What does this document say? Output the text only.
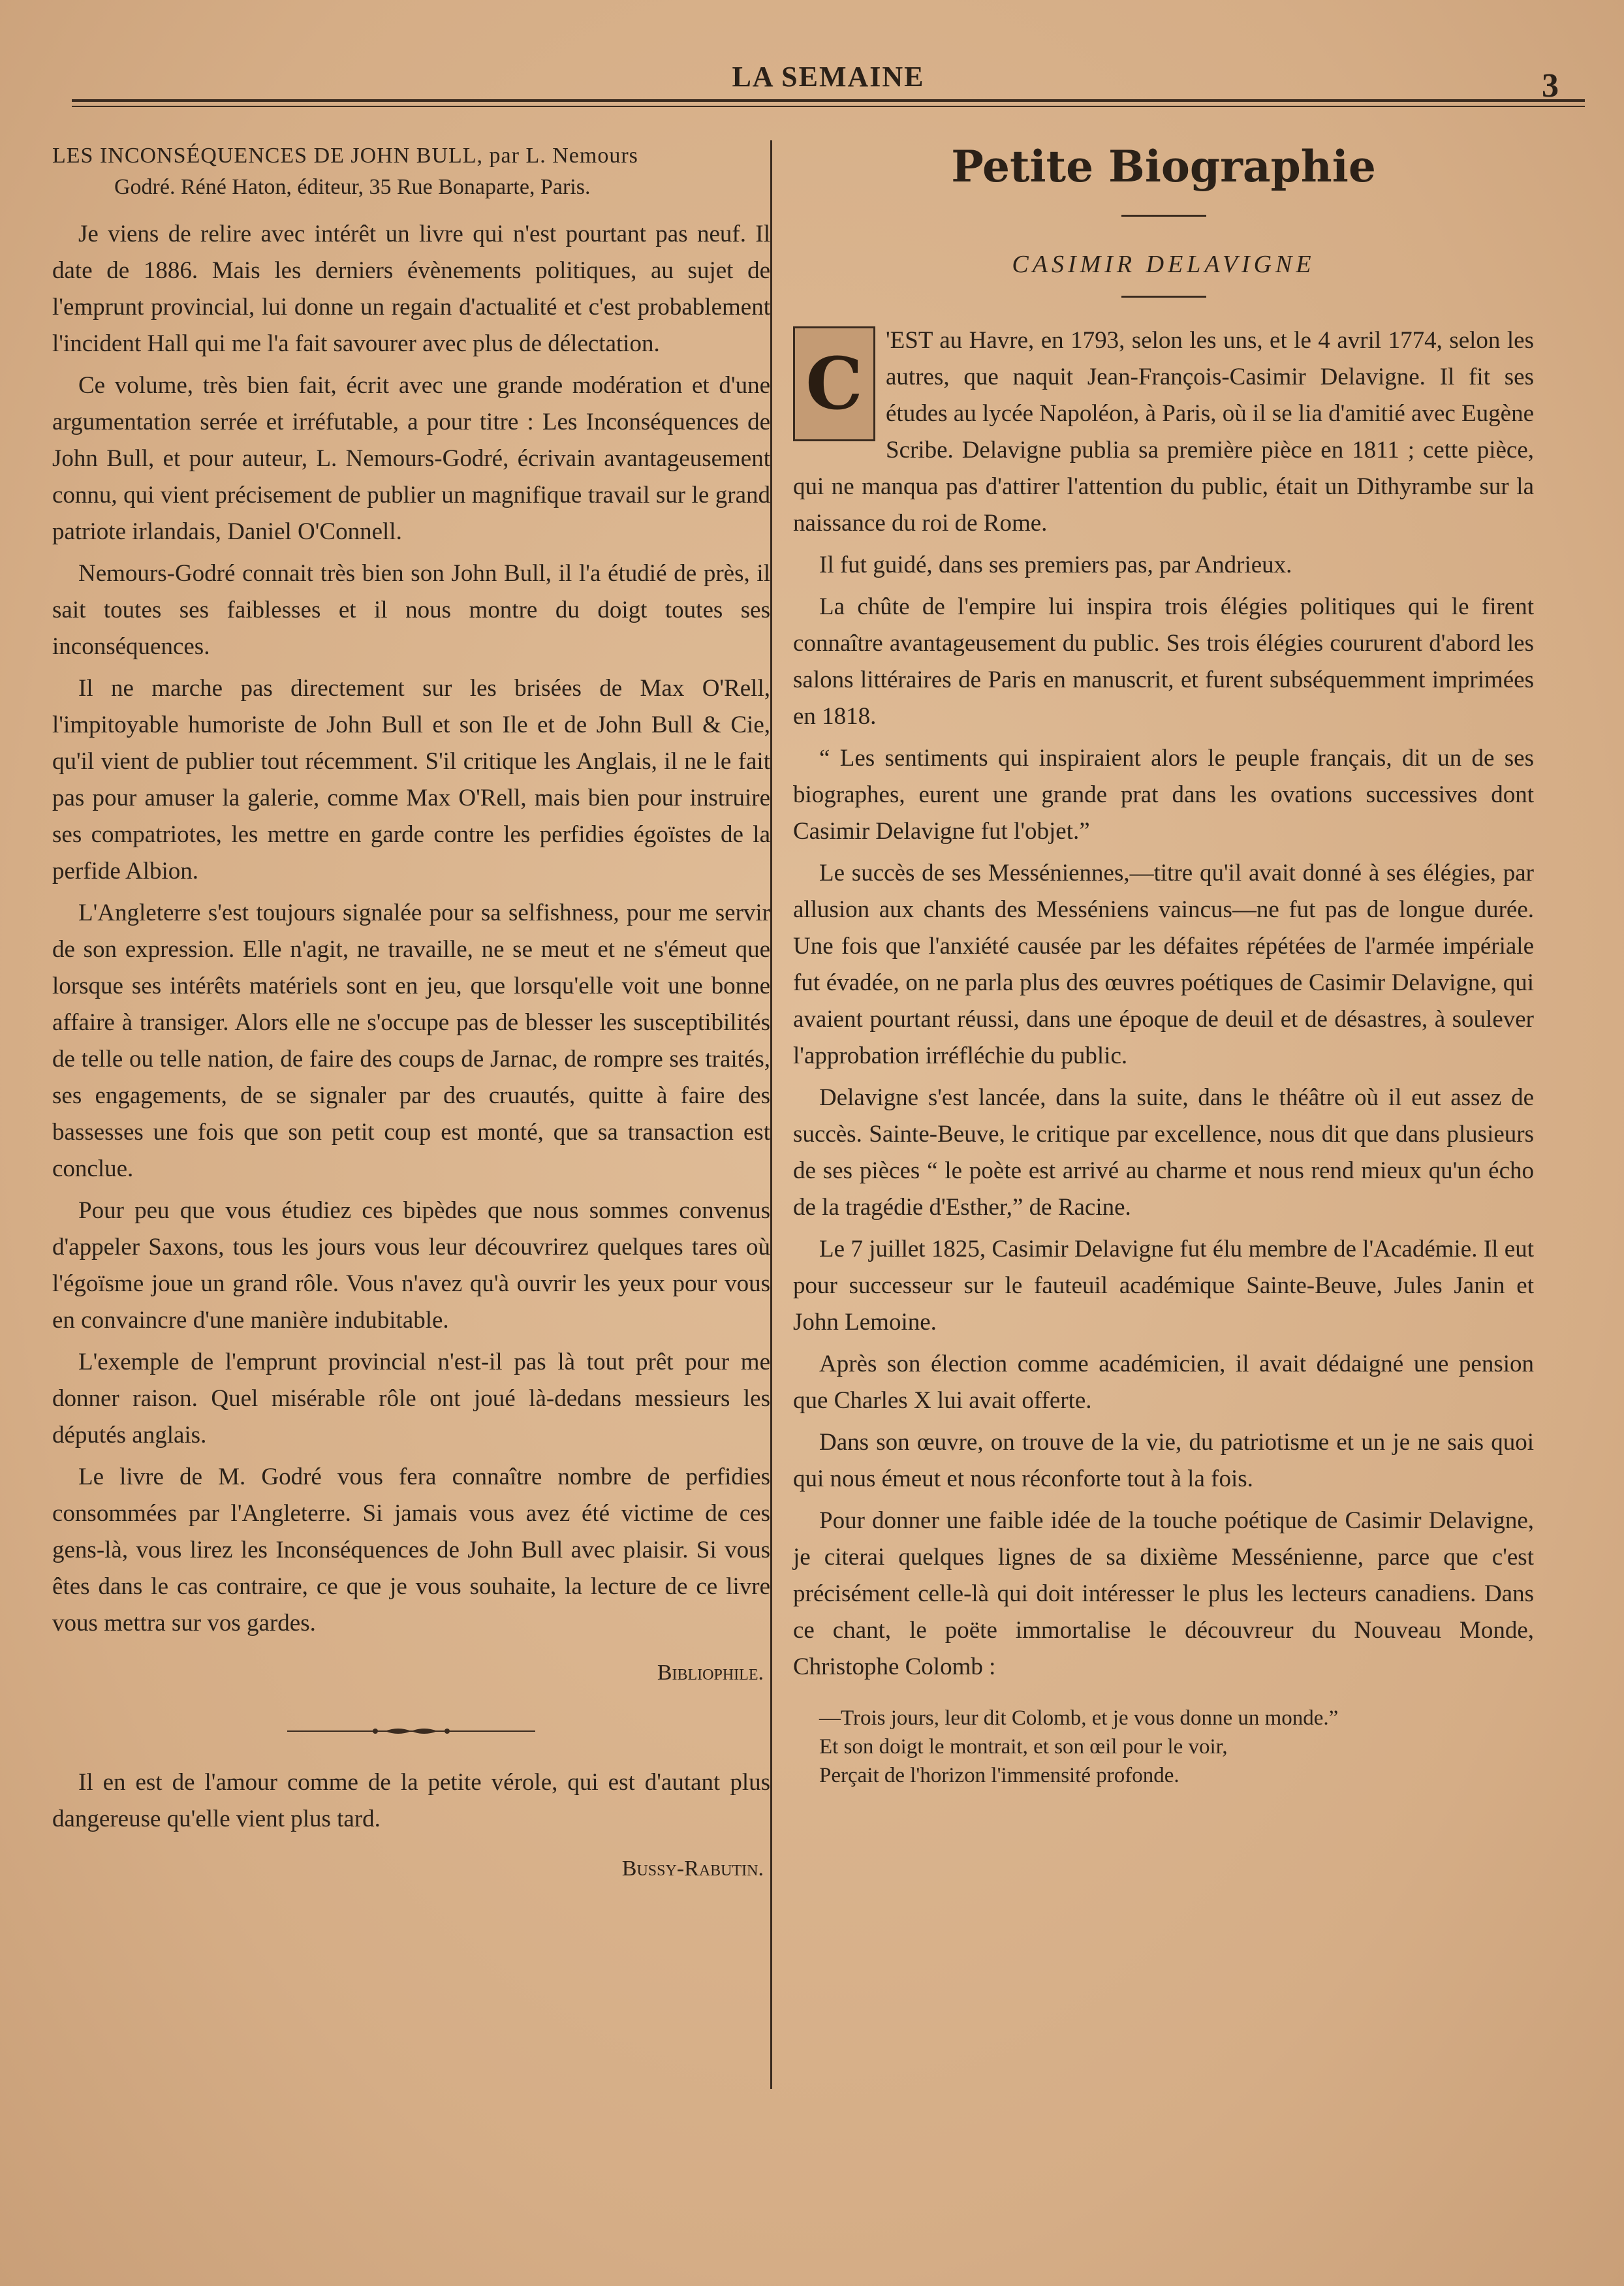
LA SEMAINE	3

LES INCONSÉQUENCES DE JOHN BULL, par L. Nemours
Godré. Réné Haton, éditeur, 35 Rue Bonaparte, Paris.

Je viens de relire avec intérêt un livre qui n'est pourtant pas neuf. Il date de 1886. Mais les derniers évènements politiques, au sujet de l'emprunt provincial, lui donne un regain d'actualité et c'est probablement l'incident Hall qui me l'a fait savourer avec plus de délectation.

Ce volume, très bien fait, écrit avec une grande modération et d'une argumentation serrée et irréfutable, a pour titre : Les Inconséquences de John Bull, et pour auteur, L. Nemours-Godré, écrivain avantageusement connu, qui vient précisement de publier un magnifique travail sur le grand patriote irlandais, Daniel O'Connell.

Nemours-Godré connait très bien son John Bull, il l'a étudié de près, il sait toutes ses faiblesses et il nous montre du doigt toutes ses inconséquences.

Il ne marche pas directement sur les brisées de Max O'Rell, l'impitoyable humoriste de John Bull et son Ile et de John Bull & Cie, qu'il vient de publier tout récemment. S'il critique les Anglais, il ne le fait pas pour amuser la galerie, comme Max O'Rell, mais bien pour instruire ses compatriotes, les mettre en garde contre les perfidies égoïstes de la perfide Albion.

L'Angleterre s'est toujours signalée pour sa selfishness, pour me servir de son expression. Elle n'agit, ne travaille, ne se meut et ne s'émeut que lorsque ses intérêts matériels sont en jeu, que lorsqu'elle voit une bonne affaire à transiger. Alors elle ne s'occupe pas de blesser les susceptibilités de telle ou telle nation, de faire des coups de Jarnac, de rompre ses traités, ses engagements, de se signaler par des cruautés, quitte à faire des bassesses une fois que son petit coup est monté, que sa transaction est conclue.

Pour peu que vous étudiez ces bipèdes que nous sommes convenus d'appeler Saxons, tous les jours vous leur découvrirez quelques tares où l'égoïsme joue un grand rôle. Vous n'avez qu'à ouvrir les yeux pour vous en convaincre d'une manière indubitable.

L'exemple de l'emprunt provincial n'est-il pas là tout prêt pour me donner raison. Quel misérable rôle ont joué là-dedans messieurs les députés anglais.

Le livre de M. Godré vous fera connaître nombre de perfidies consommées par l'Angleterre. Si jamais vous avez été victime de ces gens-là, vous lirez les Inconséquences de John Bull avec plaisir. Si vous êtes dans le cas contraire, ce que je vous souhaite, la lecture de ce livre vous mettra sur vos gardes.

Bibliophile.

Il en est de l'amour comme de la petite vérole, qui est d'autant plus dangereuse qu'elle vient plus tard.

Bussy-Rabutin.

Petite Biographie
CASIMIR DELAVIGNE
C

'EST au Havre, en 1793, selon les uns, et le 4 avril 1774, selon les autres, que naquit Jean-François-Casimir Delavigne. Il fit ses études au lycée Napoléon, à Paris, où il se lia d'amitié avec Eugène Scribe. Delavigne publia sa première pièce en 1811 ; cette pièce, qui ne manqua pas d'attirer l'attention du public, était un Dithyrambe sur la naissance du roi de Rome.

Il fut guidé, dans ses premiers pas, par Andrieux.

La chûte de l'empire lui inspira trois élégies politiques qui le firent connaître avantageusement du public. Ses trois élégies coururent d'abord les salons littéraires de Paris en manuscrit, et furent subséquemment imprimées en 1818.

“ Les sentiments qui inspiraient alors le peuple français, dit un de ses biographes, eurent une grande prat dans les ovations successives dont Casimir Delavigne fut l'objet.”

Le succès de ses Messéniennes,—titre qu'il avait donné à ses élégies, par allusion aux chants des Messéniens vaincus—ne fut pas de longue durée. Une fois que l'anxiété causée par les défaites répétées de l'armée impériale fut évadée, on ne parla plus des œuvres poétiques de Casimir Delavigne, qui avaient pourtant réussi, dans une époque de deuil et de désastres, à soulever l'approbation irréfléchie du public.

Delavigne s'est lancée, dans la suite, dans le théâtre où il eut assez de succès. Sainte-Beuve, le critique par excellence, nous dit que dans plusieurs de ses pièces “ le poète est arrivé au charme et nous rend mieux qu'un écho de la tragédie d'Esther,” de Racine.

Le 7 juillet 1825, Casimir Delavigne fut élu membre de l'Académie. Il eut pour successeur sur le fauteuil académique Sainte-Beuve, Jules Janin et John Lemoine.

Après son élection comme académicien, il avait dédaigné une pension que Charles X lui avait offerte.

Dans son œuvre, on trouve de la vie, du patriotisme et un je ne sais quoi qui nous émeut et nous réconforte tout à la fois.

Pour donner une faible idée de la touche poétique de Casimir Delavigne, je citerai quelques lignes de sa dixième Messénienne, parce que c'est précisément celle-là qui doit intéresser le plus les lecteurs canadiens. Dans ce chant, le poëte immortalise le découvreur du Nouveau Monde, Christophe Colomb :

—Trois jours, leur dit Colomb, et je vous donne un monde.”
Et son doigt le montrait, et son œil pour le voir,
Perçait de l'horizon l'immensité profonde.
